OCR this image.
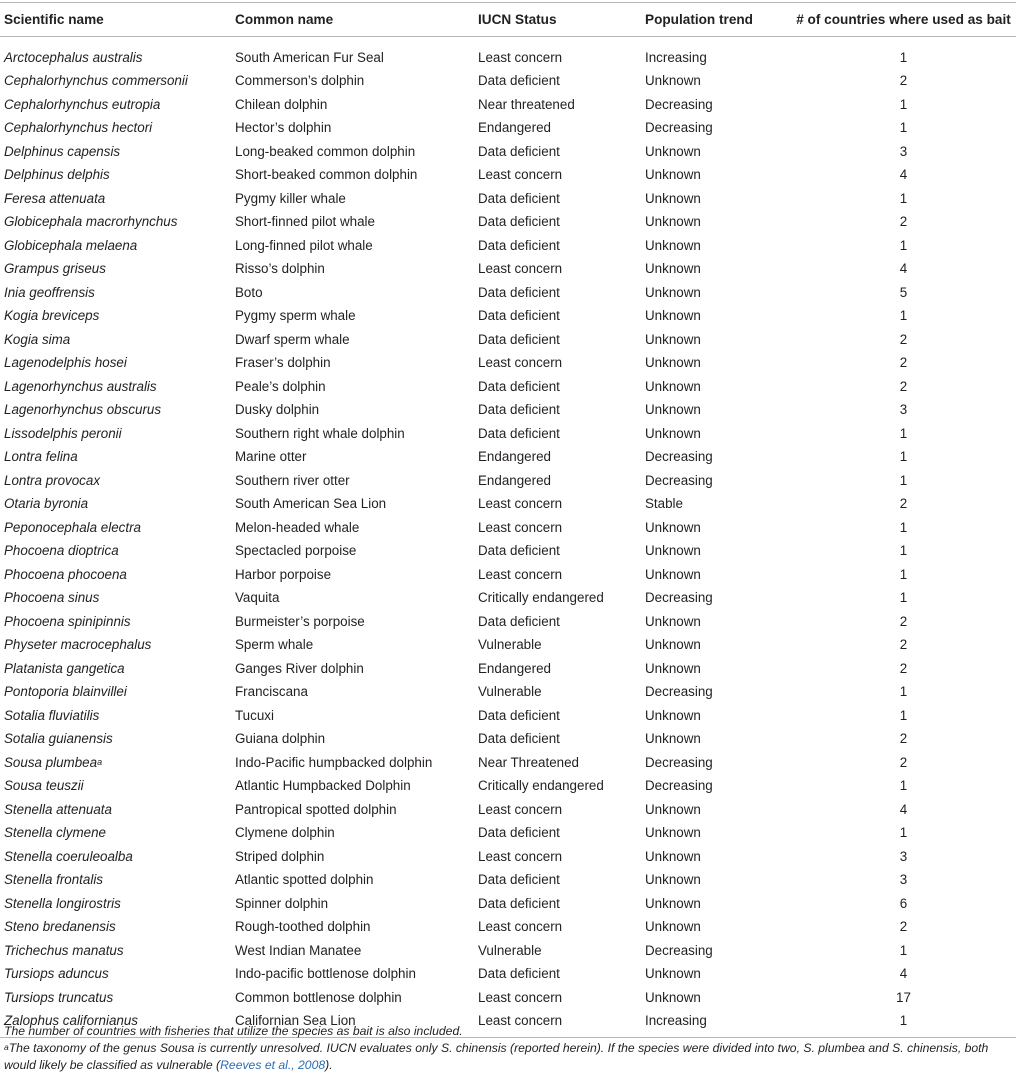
Scientific name	Common name	IUCN Status	Population trend	# of countries where used as bait
Arctocephalus australis	South American Fur Seal	Least concern	Increasing	1
Cephalorhynchus commersonii	Commerson’s dolphin	Data deficient	Unknown	2
Cephalorhynchus eutropia	Chilean dolphin	Near threatened	Decreasing	1
Cephalorhynchus hectori	Hector’s dolphin	Endangered	Decreasing	1
Delphinus capensis	Long-beaked common dolphin	Data deficient	Unknown	3
Delphinus delphis	Short-beaked common dolphin	Least concern	Unknown	4
Feresa attenuata	Pygmy killer whale	Data deficient	Unknown	1
Globicephala macrorhynchus	Short-finned pilot whale	Data deficient	Unknown	2
Globicephala melaena	Long-finned pilot whale	Data deficient	Unknown	1
Grampus griseus	Risso’s dolphin	Least concern	Unknown	4
Inia geoffrensis	Boto	Data deficient	Unknown	5
Kogia breviceps	Pygmy sperm whale	Data deficient	Unknown	1
Kogia sima	Dwarf sperm whale	Data deficient	Unknown	2
Lagenodelphis hosei	Fraser’s dolphin	Least concern	Unknown	2
Lagenorhynchus australis	Peale’s dolphin	Data deficient	Unknown	2
Lagenorhynchus obscurus	Dusky dolphin	Data deficient	Unknown	3
Lissodelphis peronii	Southern right whale dolphin	Data deficient	Unknown	1
Lontra felina	Marine otter	Endangered	Decreasing	1
Lontra provocax	Southern river otter	Endangered	Decreasing	1
Otaria byronia	South American Sea Lion	Least concern	Stable	2
Peponocephala electra	Melon-headed whale	Least concern	Unknown	1
Phocoena dioptrica	Spectacled porpoise	Data deficient	Unknown	1
Phocoena phocoena	Harbor porpoise	Least concern	Unknown	1
Phocoena sinus	Vaquita	Critically endangered	Decreasing	1
Phocoena spinipinnis	Burmeister’s porpoise	Data deficient	Unknown	2
Physeter macrocephalus	Sperm whale	Vulnerable	Unknown	2
Platanista gangetica	Ganges River dolphin	Endangered	Unknown	2
Pontoporia blainvillei	Franciscana	Vulnerable	Decreasing	1
Sotalia fluviatilis	Tucuxi	Data deficient	Unknown	1
Sotalia guianensis	Guiana dolphin	Data deficient	Unknown	2
Sousa plumbea$^a$	Indo-Pacific humpbacked dolphin	Near Threatened	Decreasing	2
Sousa teuszii	Atlantic Humpbacked Dolphin	Critically endangered	Decreasing	1
Stenella attenuata	Pantropical spotted dolphin	Least concern	Unknown	4
Stenella clymene	Clymene dolphin	Data deficient	Unknown	1
Stenella coeruleoalba	Striped dolphin	Least concern	Unknown	3
Stenella frontalis	Atlantic spotted dolphin	Data deficient	Unknown	3
Stenella longirostris	Spinner dolphin	Data deficient	Unknown	6
Steno bredanensis	Rough-toothed dolphin	Least concern	Unknown	2
Trichechus manatus	West Indian Manatee	Vulnerable	Decreasing	1
Tursiops aduncus	Indo-pacific bottlenose dolphin	Data deficient	Unknown	4
Tursiops truncatus	Common bottlenose dolphin	Least concern	Unknown	17
Zalophus californianus	Californian Sea Lion	Least concern	Increasing	1

The number of countries with fisheries that utilize the species as bait is also included.

$^a$The taxonomy of the genus Sousa is currently unresolved. IUCN evaluates only S. chinensis (reported herein). If the species were divided into two, S. plumbea and S. chinensis, both would likely be classified as vulnerable (Reeves et al., 2008).
